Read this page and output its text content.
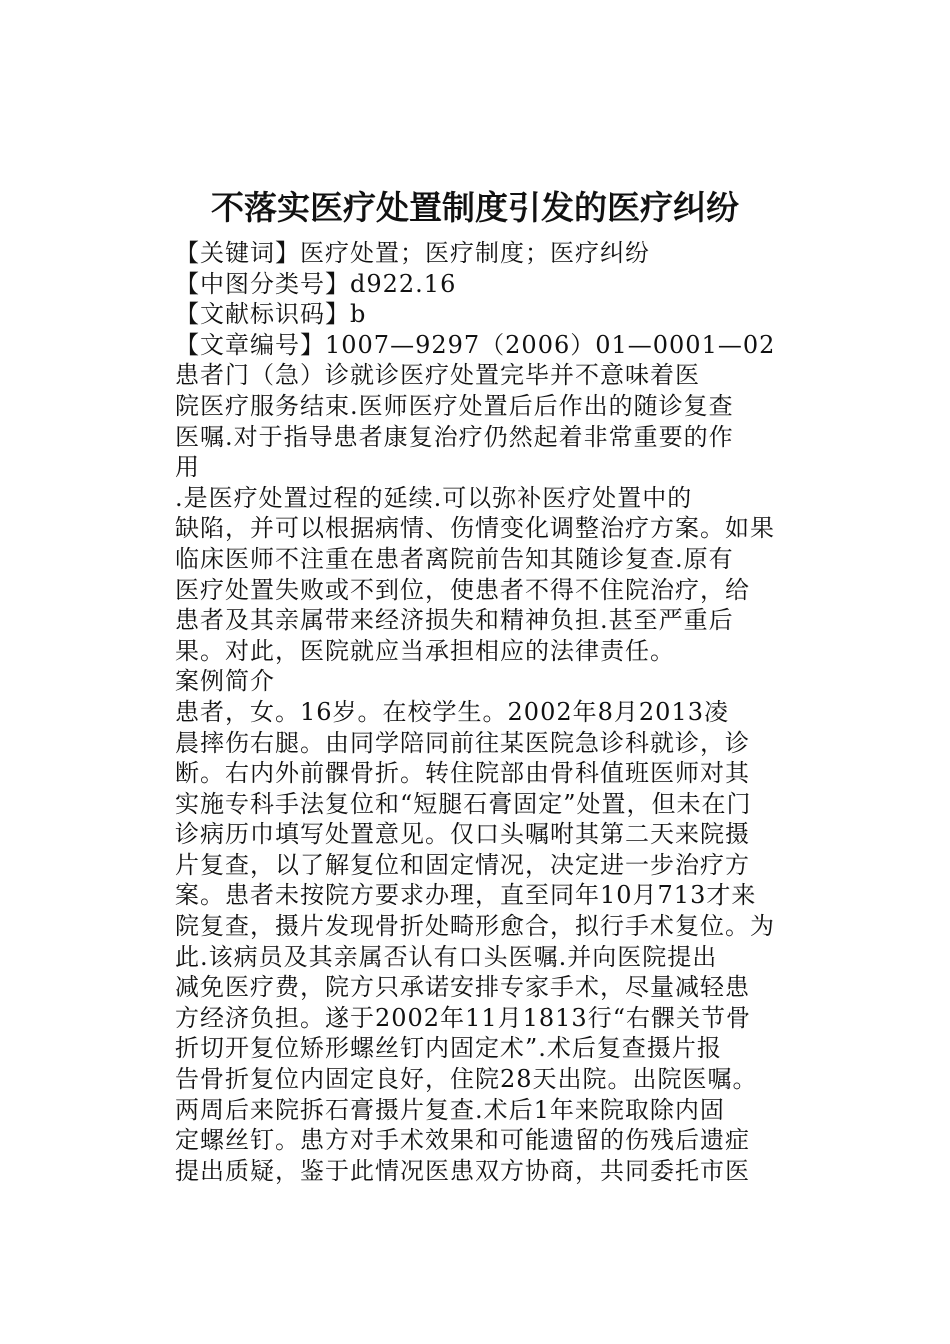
不落实医疗处置制度引发的医疗纠纷
【关键词】医疗处置；医疗制度；医疗纠纷
【中图分类号】d922.16
【文献标识码】b
【文章编号】1007—9297（2006）01—0001—02
患者门（急）诊就诊医疗处置完毕并不意味着医
院医疗服务结束.医师医疗处置后后作出的随诊复查
医嘱.对于指导患者康复治疗仍然起着非常重要的作
用
.是医疗处置过程的延续.可以弥补医疗处置中的
缺陷，并可以根据病情、伤情变化调整治疗方案。如果
临床医师不注重在患者离院前告知其随诊复查.原有
医疗处置失败或不到位，使患者不得不住院治疗，给
患者及其亲属带来经济损失和精神负担.甚至严重后
果。对此，医院就应当承担相应的法律责任。
案例简介
患者，女。16岁。在校学生。2002年8月2013凌
晨摔伤右腿。由同学陪同前往某医院急诊科就诊，诊
断。右内外前髁骨折。转住院部由骨科值班医师对其
实施专科手法复位和“短腿石膏固定”处置，但未在门
诊病历巾填写处置意见。仅口头嘱咐其第二天来院摄
片复查，以了解复位和固定情况，决定进一步治疗方
案。患者未按院方要求办理，直至同年10月713才来
院复查，摄片发现骨折处畸形愈合，拟行手术复位。为
此.该病员及其亲属否认有口头医嘱.并向医院提出
减免医疗费，院方只承诺安排专家手术，尽量减轻患
方经济负担。遂于2002年11月1813行“右髁关节骨
折切开复位矫形螺丝钉内固定术”.术后复查摄片报
告骨折复位内固定良好，住院28天出院。出院医嘱。
两周后来院拆石膏摄片复查.术后1年来院取除内固
定螺丝钉。患方对手术效果和可能遗留的伤残后遗症
提出质疑，鉴于此情况医患双方协商，共同委托市医
